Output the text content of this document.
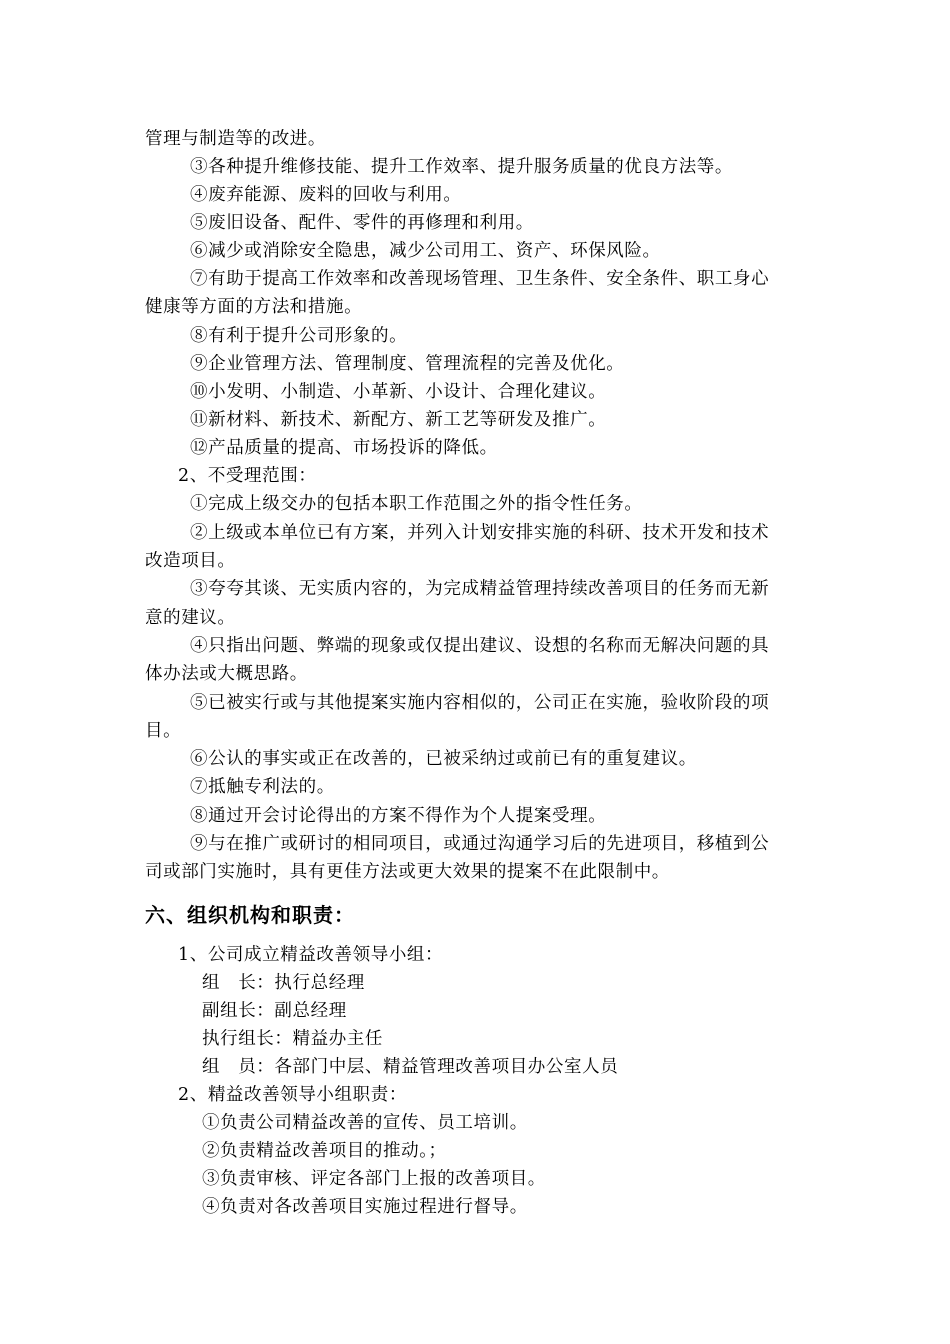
管理与制造等的改进。
③各种提升维修技能、提升工作效率、提升服务质量的优良方法等。
④废弃能源、废料的回收与利用。
⑤废旧设备、配件、零件的再修理和利用。
⑥减少或消除安全隐患，减少公司用工、资产、环保风险。
⑦有助于提高工作效率和改善现场管理、卫生条件、安全条件、职工身心
健康等方面的方法和措施。
⑧有利于提升公司形象的。
⑨企业管理方法、管理制度、管理流程的完善及优化。
⑩小发明、小制造、小革新、小设计、合理化建议。
⑪新材料、新技术、新配方、新工艺等研发及推广。
⑫产品质量的提高、市场投诉的降低。
2、不受理范围：
①完成上级交办的包括本职工作范围之外的指令性任务。
②上级或本单位已有方案，并列入计划安排实施的科研、技术开发和技术
改造项目。
③夸夸其谈、无实质内容的，为完成精益管理持续改善项目的任务而无新
意的建议。
④只指出问题、弊端的现象或仅提出建议、设想的名称而无解决问题的具
体办法或大概思路。
⑤已被实行或与其他提案实施内容相似的，公司正在实施，验收阶段的项
目。
⑥公认的事实或正在改善的，已被采纳过或前已有的重复建议。
⑦抵触专利法的。
⑧通过开会讨论得出的方案不得作为个人提案受理。
⑨与在推广或研讨的相同项目，或通过沟通学习后的先进项目，移植到公
司或部门实施时，具有更佳方法或更大效果的提案不在此限制中。
六、组织机构和职责：
1、公司成立精益改善领导小组：
组　长：执行总经理
副组长：副总经理
执行组长：精益办主任
组　员：各部门中层、精益管理改善项目办公室人员
2、精益改善领导小组职责：
①负责公司精益改善的宣传、员工培训。
②负责精益改善项目的推动。；
③负责审核、评定各部门上报的改善项目。
④负责对各改善项目实施过程进行督导。
